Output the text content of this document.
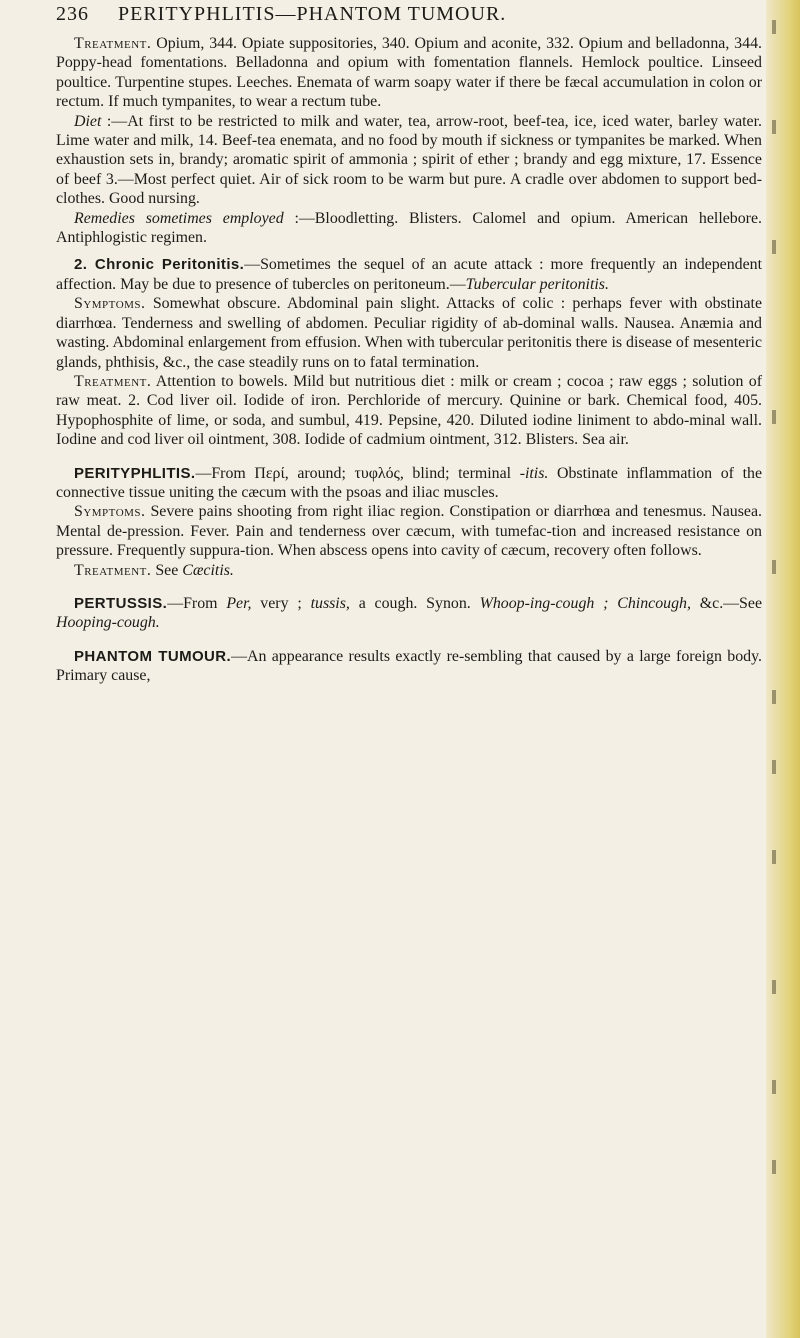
236 PERITYPHLITIS—PHANTOM TUMOUR.

Treatment. Opium, 344. Opiate suppositories, 340. Opium and aconite, 332. Opium and belladonna, 344. Poppy-head fomentations. Belladonna and opium with fomentation flannels. Hemlock poultice. Linseed poultice. Turpentine stupes. Leeches. Enemata of warm soapy water if there be fæcal accumulation in colon or rectum. If much tympanites, to wear a rectum tube.

Diet :—At first to be restricted to milk and water, tea, arrow-root, beef-tea, ice, iced water, barley water. Lime water and milk, 14. Beef-tea enemata, and no food by mouth if sickness or tympanites be marked. When exhaustion sets in, brandy; aromatic spirit of ammonia ; spirit of ether ; brandy and egg mixture, 17. Essence of beef 3.—Most perfect quiet. Air of sick room to be warm but pure. A cradle over abdomen to support bed-clothes. Good nursing.

Remedies sometimes employed :—Bloodletting. Blisters. Calomel and opium. American hellebore. Antiphlogistic regimen.

2. Chronic Peritonitis.—Sometimes the sequel of an acute attack : more frequently an independent affection. May be due to presence of tubercles on peritoneum.—Tubercular peritonitis.

Symptoms. Somewhat obscure. Abdominal pain slight. Attacks of colic : perhaps fever with obstinate diarrhœa. Tenderness and swelling of abdomen. Peculiar rigidity of ab-dominal walls. Nausea. Anæmia and wasting. Abdominal enlargement from effusion. When with tubercular peritonitis there is disease of mesenteric glands, phthisis, &c., the case steadily runs on to fatal termination.

Treatment. Attention to bowels. Mild but nutritious diet : milk or cream ; cocoa ; raw eggs ; solution of raw meat. 2. Cod liver oil. Iodide of iron. Perchloride of mercury. Quinine or bark. Chemical food, 405. Hypophosphite of lime, or soda, and sumbul, 419. Pepsine, 420. Diluted iodine liniment to abdo-minal wall. Iodine and cod liver oil ointment, 308. Iodide of cadmium ointment, 312. Blisters. Sea air.

PERITYPHLITIS.—From Περί, around; τυφλός, blind; terminal -itis. Obstinate inflammation of the connective tissue uniting the cæcum with the psoas and iliac muscles.

Symptoms. Severe pains shooting from right iliac region. Constipation or diarrhœa and tenesmus. Nausea. Mental de-pression. Fever. Pain and tenderness over cæcum, with tumefac-tion and increased resistance on pressure. Frequently suppura-tion. When abscess opens into cavity of cæcum, recovery often follows.

Treatment. See Cæcitis.

PERTUSSIS.—From Per, very ; tussis, a cough. Synon. Whoop-ing-cough ; Chincough, &c.—See Hooping-cough.

PHANTOM TUMOUR.—An appearance results exactly re-sembling that caused by a large foreign body. Primary cause,
